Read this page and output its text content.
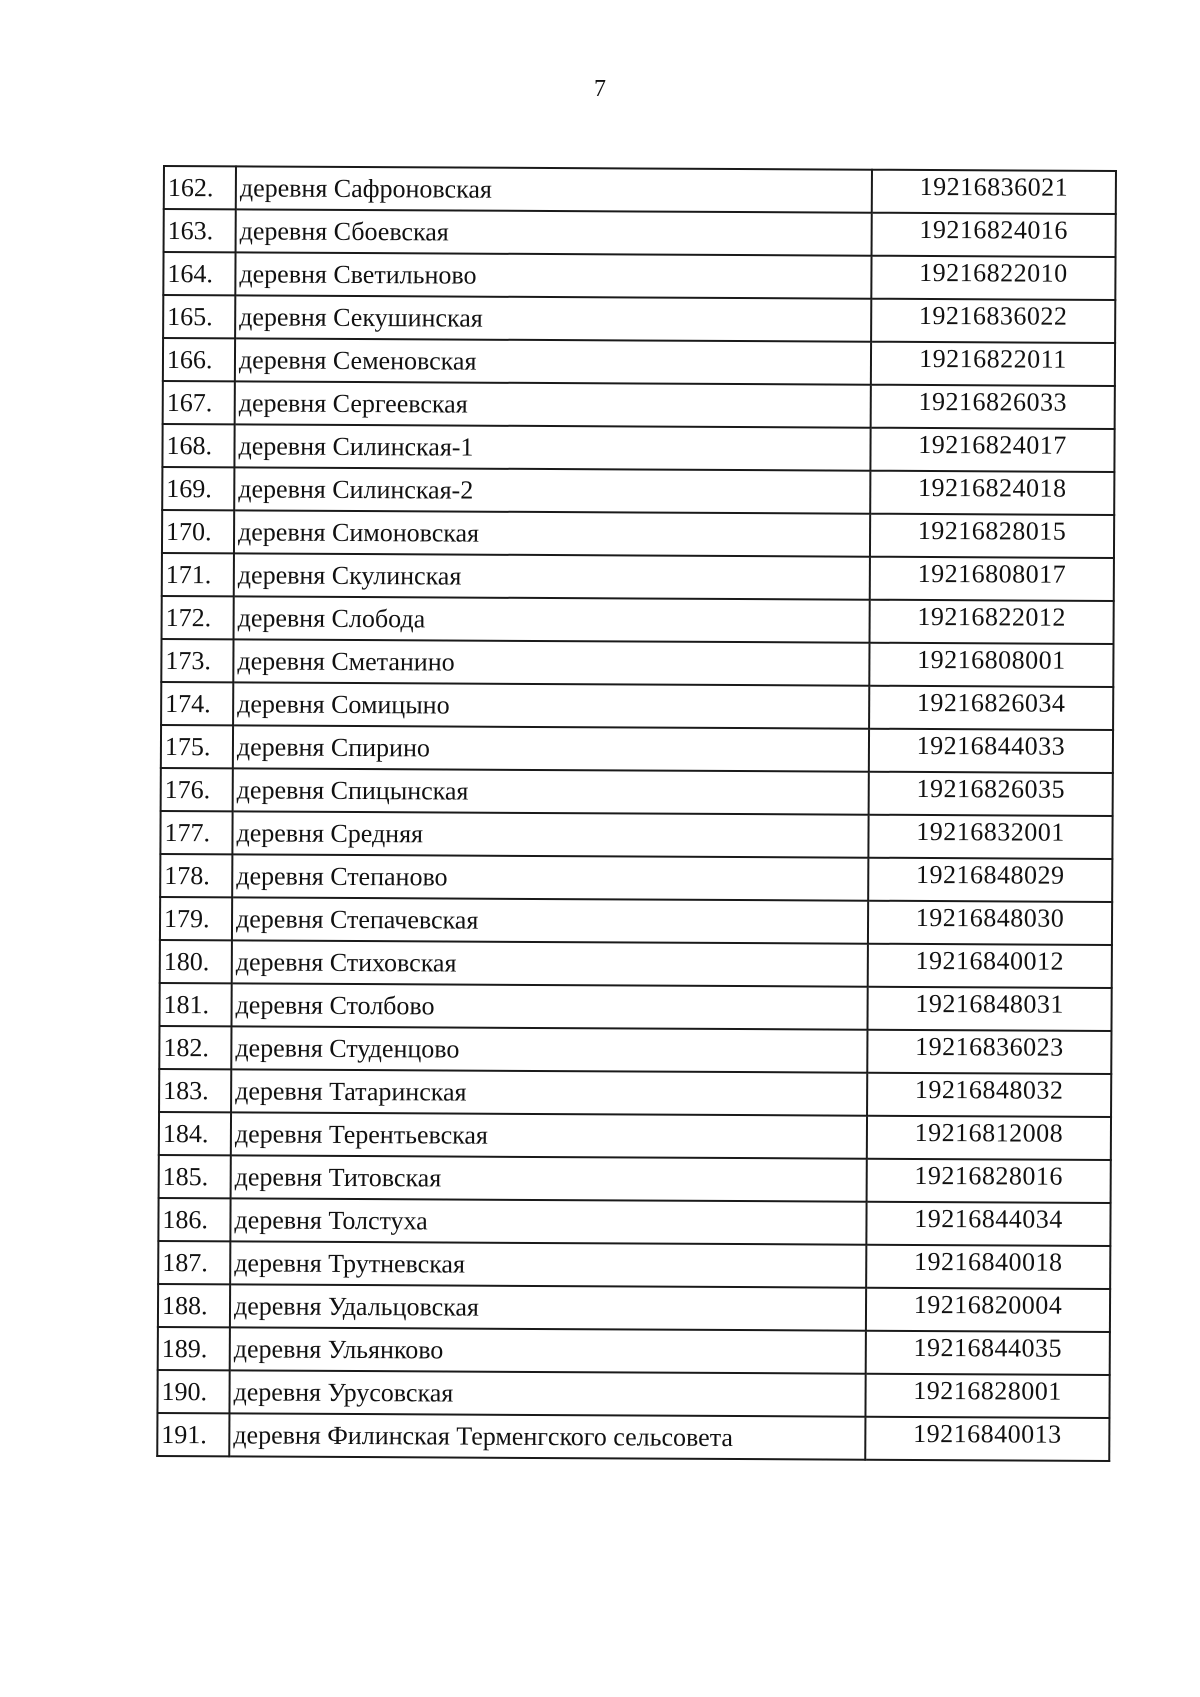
7
162.	деревня Сафроновская	19216836021
163.	деревня Сбоевская	19216824016
164.	деревня Светильново	19216822010
165.	деревня Секушинская	19216836022
166.	деревня Семеновская	19216822011
167.	деревня Сергеевская	19216826033
168.	деревня Силинская-1	19216824017
169.	деревня Силинская-2	19216824018
170.	деревня Симоновская	19216828015
171.	деревня Скулинская	19216808017
172.	деревня Слобода	19216822012
173.	деревня Сметанино	19216808001
174.	деревня Сомицыно	19216826034
175.	деревня Спирино	19216844033
176.	деревня Спицынская	19216826035
177.	деревня Средняя	19216832001
178.	деревня Степаново	19216848029
179.	деревня Степачевская	19216848030
180.	деревня Стиховская	19216840012
181.	деревня Столбово	19216848031
182.	деревня Студенцово	19216836023
183.	деревня Татаринская	19216848032
184.	деревня Терентьевская	19216812008
185.	деревня Титовская	19216828016
186.	деревня Толстуха	19216844034
187.	деревня Трутневская	19216840018
188.	деревня Удальцовская	19216820004
189.	деревня Ульянково	19216844035
190.	деревня Урусовская	19216828001
191.	деревня Филинская Терменгского сельсовета	19216840013
